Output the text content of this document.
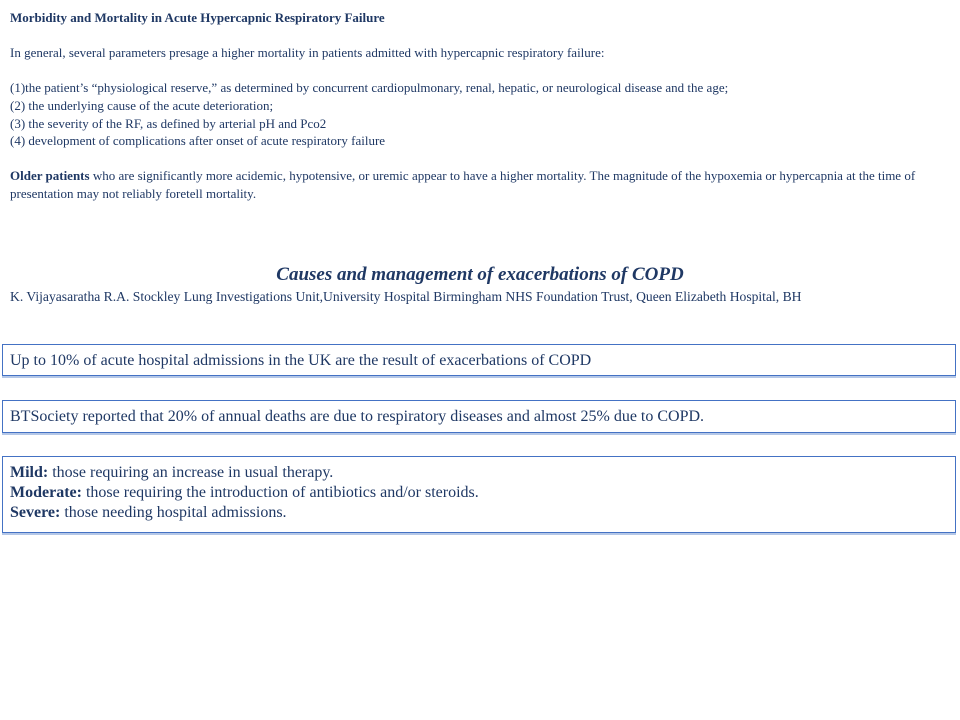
Morbidity and Mortality in Acute Hypercapnic Respiratory Failure

In general, several parameters presage a higher mortality in patients admitted with hypercapnic respiratory failure:

(1)the patient’s “physiological reserve,” as determined by concurrent cardiopulmonary, renal, hepatic, or neurological disease and the age;

(2) the underlying cause of the acute deterioration;

(3) the severity of the RF, as defined by arterial pH and Pco2

(4) development of complications after onset of acute respiratory failure

Older patients who are significantly more acidemic, hypotensive, or uremic appear to have a higher mortality. The magnitude of the hypoxemia or hypercapnia at the time of presentation may not reliably foretell mortality.

Causes and management of exacerbations of COPD
K. Vijayasaratha R.A. Stockley Lung Investigations Unit,University Hospital Birmingham NHS Foundation Trust, Queen Elizabeth Hospital, BH

Up to 10% of acute hospital admissions in the UK are the result of exacerbations of COPD

BTSociety reported that 20% of annual deaths are due to respiratory diseases and almost 25% due to COPD.

Mild: those requiring an increase in usual therapy.

Moderate: those requiring the introduction of antibiotics and/or steroids.

Severe: those needing hospital admissions.
